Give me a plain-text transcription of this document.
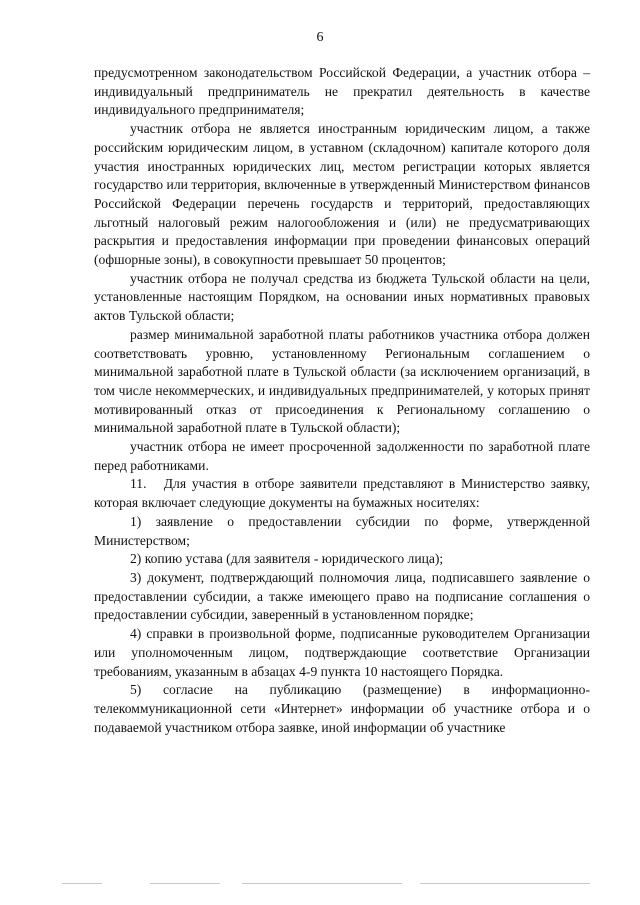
6

предусмотренном законодательством Российской Федерации, а участник отбора – индивидуальный предприниматель не прекратил деятельность в качестве индивидуального предпринимателя;

участник отбора не является иностранным юридическим лицом, а также российским юридическим лицом, в уставном (складочном) капитале которого доля участия иностранных юридических лиц, местом регистрации которых является государство или территория, включенные в утвержденный Министерством финансов Российской Федерации перечень государств и территорий, предоставляющих льготный налоговый режим налогообложения и (или) не предусматривающих раскрытия и предоставления информации при проведении финансовых операций (офшорные зоны), в совокупности превышает 50 процентов;

участник отбора не получал средства из бюджета Тульской области на цели, установленные настоящим Порядком, на основании иных нормативных правовых актов Тульской области;

размер минимальной заработной платы работников участника отбора должен соответствовать уровню, установленному Региональным соглашением о минимальной заработной плате в Тульской области (за исключением организаций, в том числе некоммерческих, и индивидуальных предпринимателей, у которых принят мотивированный отказ от присоединения к Региональному соглашению о минимальной заработной плате в Тульской области);

участник отбора не имеет просроченной задолженности по заработной плате перед работниками.

11.   Для участия в отборе заявители представляют в Министерство заявку, которая включает следующие документы на бумажных носителях:

1) заявление о предоставлении субсидии по форме, утвержденной Министерством;

2) копию устава (для заявителя - юридического лица);

3) документ, подтверждающий полномочия лица, подписавшего заявление о предоставлении субсидии, а также имеющего право на подписание соглашения о предоставлении субсидии, заверенный в установленном порядке;

4) справки в произвольной форме, подписанные руководителем Организации или уполномоченным лицом, подтверждающие соответствие Организации требованиям, указанным в абзацах 4-9 пункта 10 настоящего Порядка.

5) согласие на публикацию (размещение) в информационно-телекоммуникационной сети «Интернет» информации об участнике отбора и о подаваемой участником отбора заявке, иной информации об участнике
